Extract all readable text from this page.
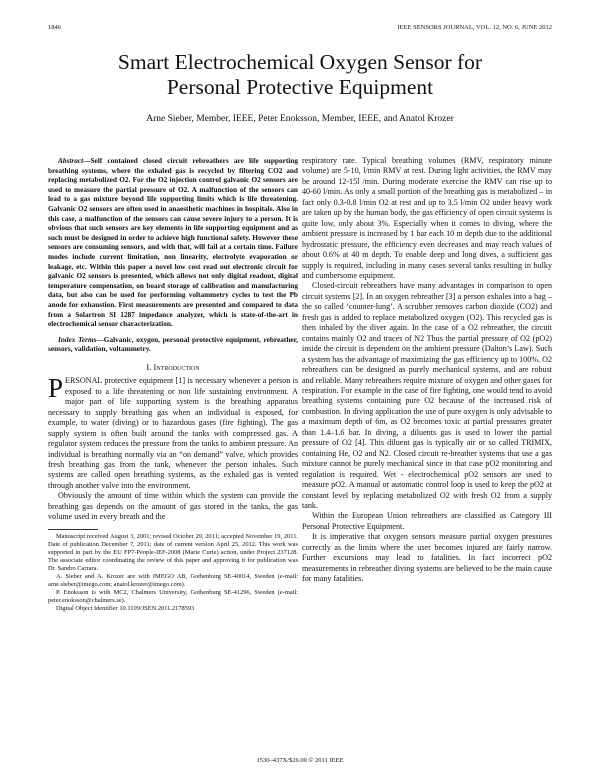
1846	IEEE SENSORS JOURNAL, VOL. 12, NO. 6, JUNE 2012
Smart Electrochemical Oxygen Sensor for
Personal Protective Equipment
Arne Sieber, Member, IEEE, Peter Enoksson, Member, IEEE, and Anatol Krozer

Abstract—Self contained closed circuit rebreathers are life supporting breathing systems, where the exhaled gas is recycled by filtering CO2 and replacing metabolized O2. For the O2 injection control galvanic O2 sensors are used to measure the partial pressure of O2. A malfunction of the sensors can lead to a gas mixture beyond life supporting limits which is life threatening. Galvanic O2 sensors are often used in anaesthetic machines in hospitals. Also in this case, a malfunction of the sensors can cause severe injury to a person. It is obvious that such sensors are key elements in life supporting equipment and as such must be designed in order to achieve high functional safety. However these sensors are consuming sensors, and with that, will fail at a certain time. Failure modes include current limitation, non linearity, electrolyte evaporation or leakage, etc. Within this paper a novel low cost read out electronic circuit for galvanic O2 sensors is presented, which allows not only digital readout, digital temperature compensation, on board storage of calibration and manufacturing data, but also can be used for performing voltammetry cycles to test the Pb anode for exhaustion. First measurements are presented and compared to data from a Solartron SI 1287 impedance analyzer, which is state-of-the-art in electrochemical sensor characterization.

Index Terms—Galvanic, oxygen, personal protective equipment, rebreather, sensors, validation, voltammetry.

I. Introduction

PERSONAL protective equipment [1] is necessary whenever a person is exposed to a life threatening or non life sustaining environment. A major part of life supporting system is the breathing apparatus necessary to supply breathing gas when an individual is exposed, for example, to water (diving) or to hazardous gases (fire fighting). The gas supply system is often built around the tanks with compressed gas. A regulator system reduces the pressure from the tanks to ambient pressure. An individual is breathing normally via an “on demand” valve, which provides fresh breathing gas from the tank, whenever the person inhales. Such systems are called open breathing systems, as the exhaled gas is vented through another valve into the environment.

Obviously the amount of time within which the system can provide the breathing gas depends on the amount of gas stored in the tanks, the gas volume used in every breath and the

Manuscript received August 3, 2001; revised October 29, 2011; accepted November 19, 2011. Date of publication December 7, 2011; date of current version April 25, 2012. This work was supported in part by the EU FP7-People-IEF-2008 (Marie Curie) action, under Project 237128. The associate editor coordinating the review of this paper and approving it for publication was Dr. Sandro Carrara.

A. Sieber and A. Krozer are with IMEGO AB, Gothenburg SE-40014, Sweden (e-mail: arne.sieber@imego.com; anatol.krozer@imego.com).

P. Enoksson is with MC2, Chalmers University, Gothenburg SE-41296, Sweden (e-mail: peter.enoksson@chalmers.se).

Digital Object Identifier 10.1109/JSEN.2011.2178593

respiratory rate. Typical breathing volumes (RMV, respiratory minute volume) are 5-10, l/min RMV at rest. During light activities, the RMV may be around 12-15l /min. During moderate exercise the RMV can rise up to 40-60 l/min. As only a small portion of the breathing gas is metabolized – in fact only 0.3-0.8 l/min O2 at rest and up to 3.5 l/min O2 under heavy work are taken up by the human body, the gas efficiency of open circuit systems is quite low, only about 3%. Especially when it comes to diving, where the ambient pressure is increased by 1 bar each 10 m depth due to the additional hydrostatic pressure, the efficiency even decreases and may reach values of about 0.6% at 40 m depth. To enable deep and long dives, a sufficient gas supply is required, including in many cases several tanks resulting in bulky and cumbersome equipment.

Closed-circuit rebreathers have many advantages in comparison to open circuit systems [2]. In an oxygen rebreather [3] a person exhales into a bag – the so called ‘counter-lung’. A scrubber removes carbon dioxide (CO2) and fresh gas is added to replace metabolized oxygen (O2). This recycled gas is then inhaled by the diver again. In the case of a O2 rebreather, the circuit contains mainly O2 and traces of N2 Thus the partial pressure of O2 (pO2) inside the circuit is dependent on the ambient pressure (Dalton’s Law). Such a system has the advantage of maximizing the gas efficiency up to 100%. O2 rebreathers can be designed as purely mechanical systems, and are robust and reliable. Many rebreathers require mixture of oxygen and other gases for respiration. For example in the case of fire fighting, one would tend to avoid breathing systems containing pure O2 because of the increased risk of combustion. In diving application the use of pure oxygen is only advisable to a maximum depth of 6m, as O2 becomes toxic at partial pressures greater than 1.4–1.6 bar. In diving, a diluents gas is used to lower the partial pressure of O2 [4]. This diluent gas is typically air or so called TRIMIX, containing He, O2 and N2. Closed circuit re-breather systems that use a gas mixture cannot be purely mechanical since in that case pO2 monitoring and regulation is required. Wet - electrochemical pO2 sensors are used to measure pO2. A manual or automatic control loop is used to keep the pO2 at constant level by replacing metabolized O2 with fresh O2 from a supply tank.

Within the European Union rebreathers are classified as Category III Personal Protective Equipment.

It is imperative that oxygen sensors measure partial oxygen pressures correctly as the limits where the user becomes injured are fairly narrow. Further excursions may lead to fatalities. In fact incorrect pO2 measurements in rebreather diving systems are believed to be the main cause for many fatalities.

1530–437X/$26.00 © 2011 IEEE
